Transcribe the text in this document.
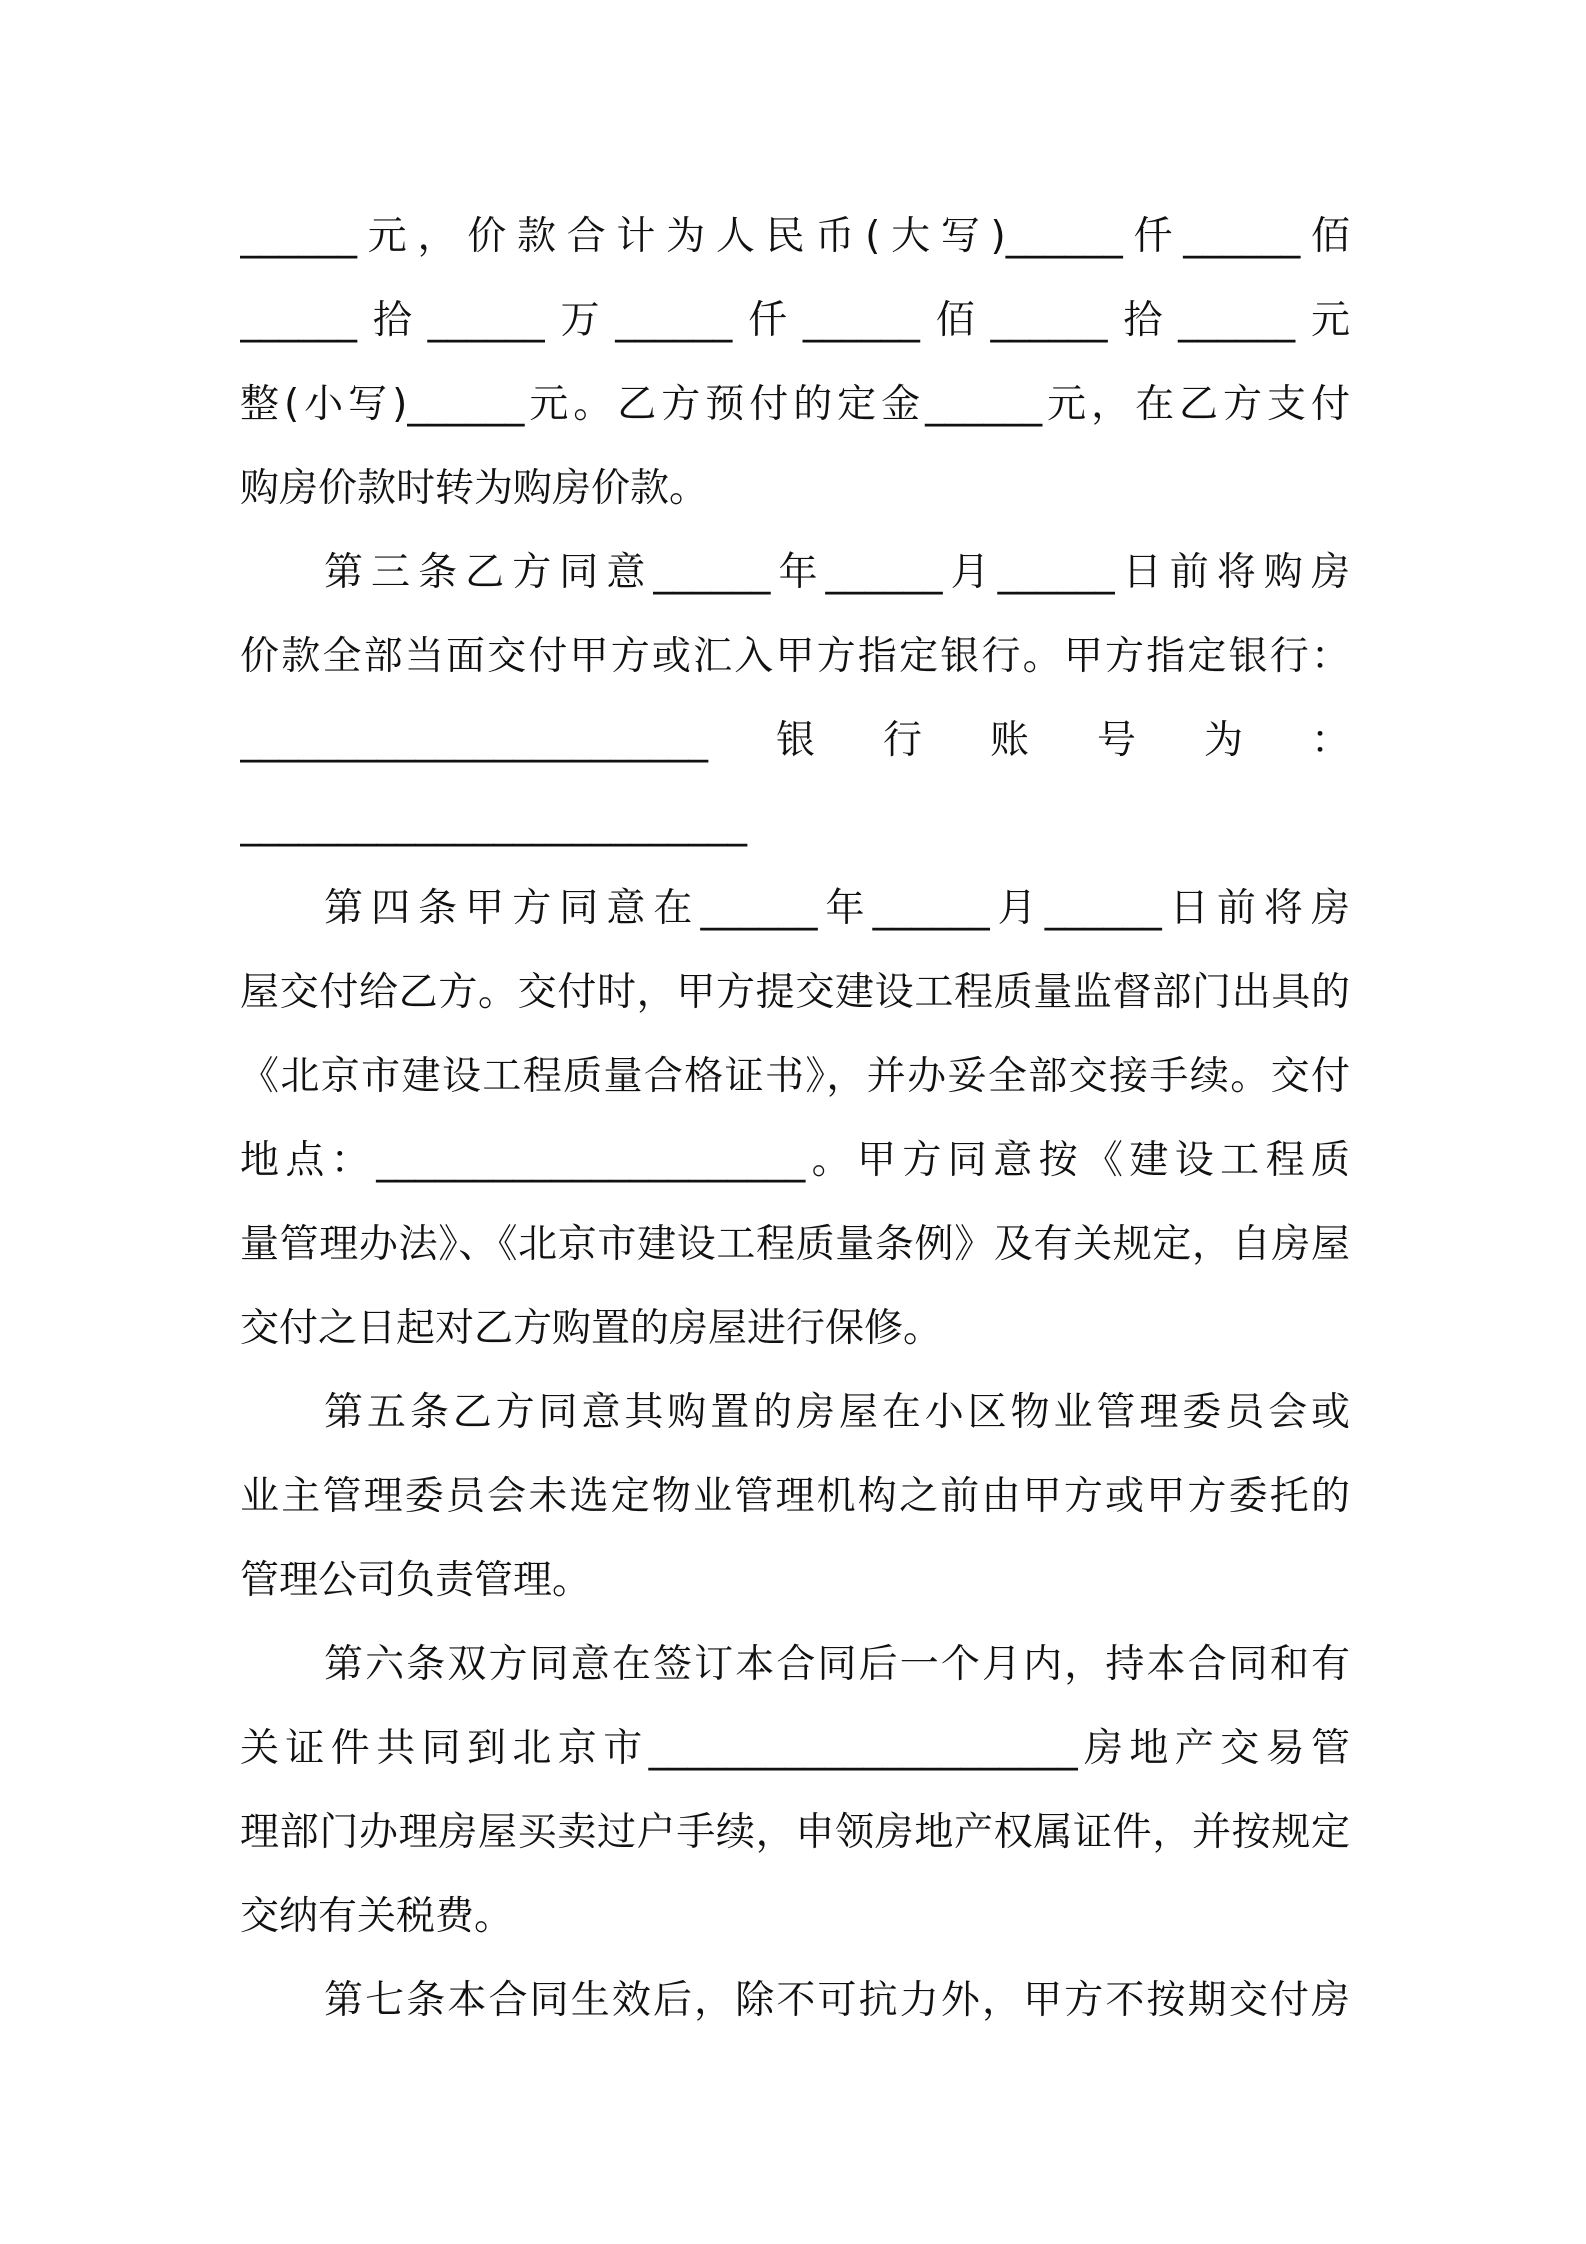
______元，价款合计为人民币(大写)______仟______佰
______拾______万______仟______佰______拾______元
整(小写)______元。乙方预付的定金______元，在乙方支付
购房价款时转为购房价款。
第三条乙方同意______年______月______日前将购房
价款全部当面交付甲方或汇入甲方指定银行。甲方指定银行：
________________________银行账号为：
__________________________
第四条甲方同意在______年______月______日前将房
屋交付给乙方。交付时，甲方提交建设工程质量监督部门出具的
《北京市建设工程质量合格证书》，并办妥全部交接手续。交付
地点：______________________。甲方同意按《建设工程质
量管理办法》、《北京市建设工程质量条例》及有关规定，自房屋
交付之日起对乙方购置的房屋进行保修。
第五条乙方同意其购置的房屋在小区物业管理委员会或
业主管理委员会未选定物业管理机构之前由甲方或甲方委托的
管理公司负责管理。
第六条双方同意在签订本合同后一个月内，持本合同和有
关证件共同到北京市______________________房地产交易管
理部门办理房屋买卖过户手续，申领房地产权属证件，并按规定
交纳有关税费。
第七条本合同生效后，除不可抗力外，甲方不按期交付房
